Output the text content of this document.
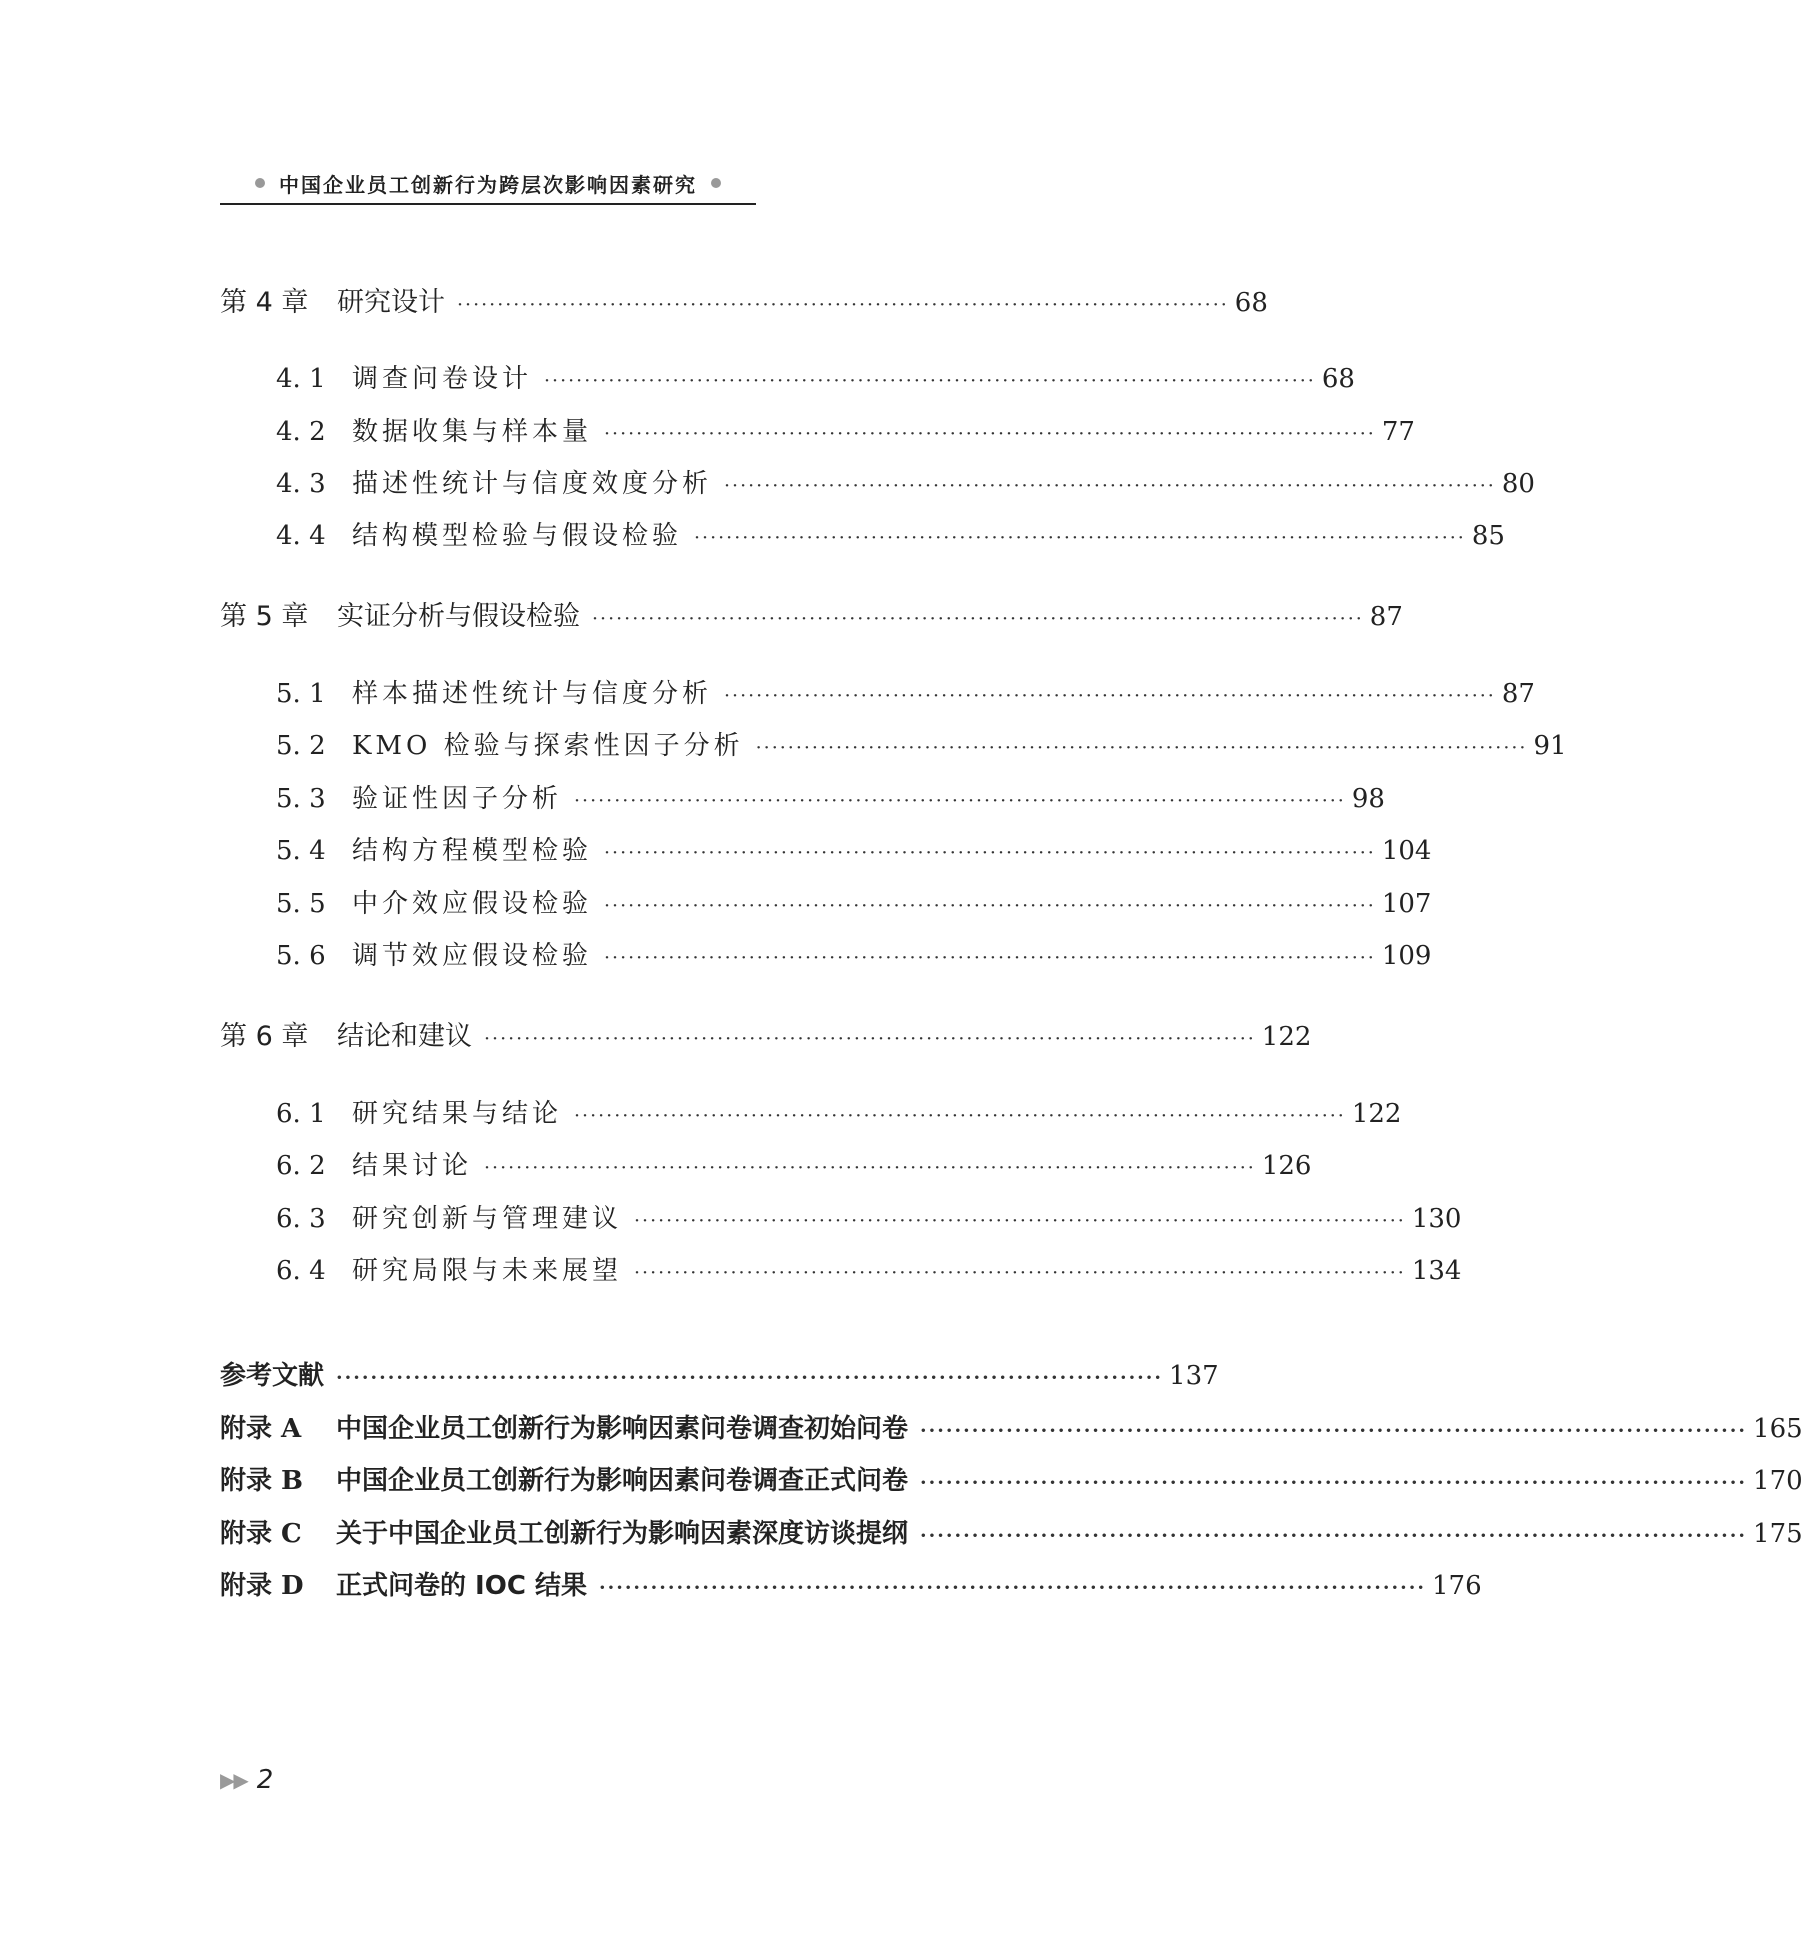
中国企业员工创新行为跨层次影响因素研究
第 4 章 研究设计 ································································································ 68
4. 1 调查问卷设计 ································································································ 68
4. 2 数据收集与样本量 ································································································ 77
4. 3 描述性统计与信度效度分析 ································································································ 80
4. 4 结构模型检验与假设检验 ································································································ 85
第 5 章 实证分析与假设检验 ································································································ 87
5. 1 样本描述性统计与信度分析 ································································································ 87
5. 2 KMO 检验与探索性因子分析 ································································································ 91
5. 3 验证性因子分析 ································································································ 98
5. 4 结构方程模型检验 ································································································ 104
5. 5 中介效应假设检验 ································································································ 107
5. 6 调节效应假设检验 ································································································ 109
第 6 章 结论和建议 ································································································ 122
6. 1 研究结果与结论 ································································································ 122
6. 2 结果讨论 ································································································ 126
6. 3 研究创新与管理建议 ································································································ 130
6. 4 研究局限与未来展望 ································································································ 134
参考文献 ································································································ 137
附录 A 中国企业员工创新行为影响因素问卷调查初始问卷 ································································································ 165
附录 B 中国企业员工创新行为影响因素问卷调查正式问卷 ································································································ 170
附录 C 关于中国企业员工创新行为影响因素深度访谈提纲 ································································································ 175
附录 D 正式问卷的 IOC 结果 ································································································ 176
▶▶ 2
